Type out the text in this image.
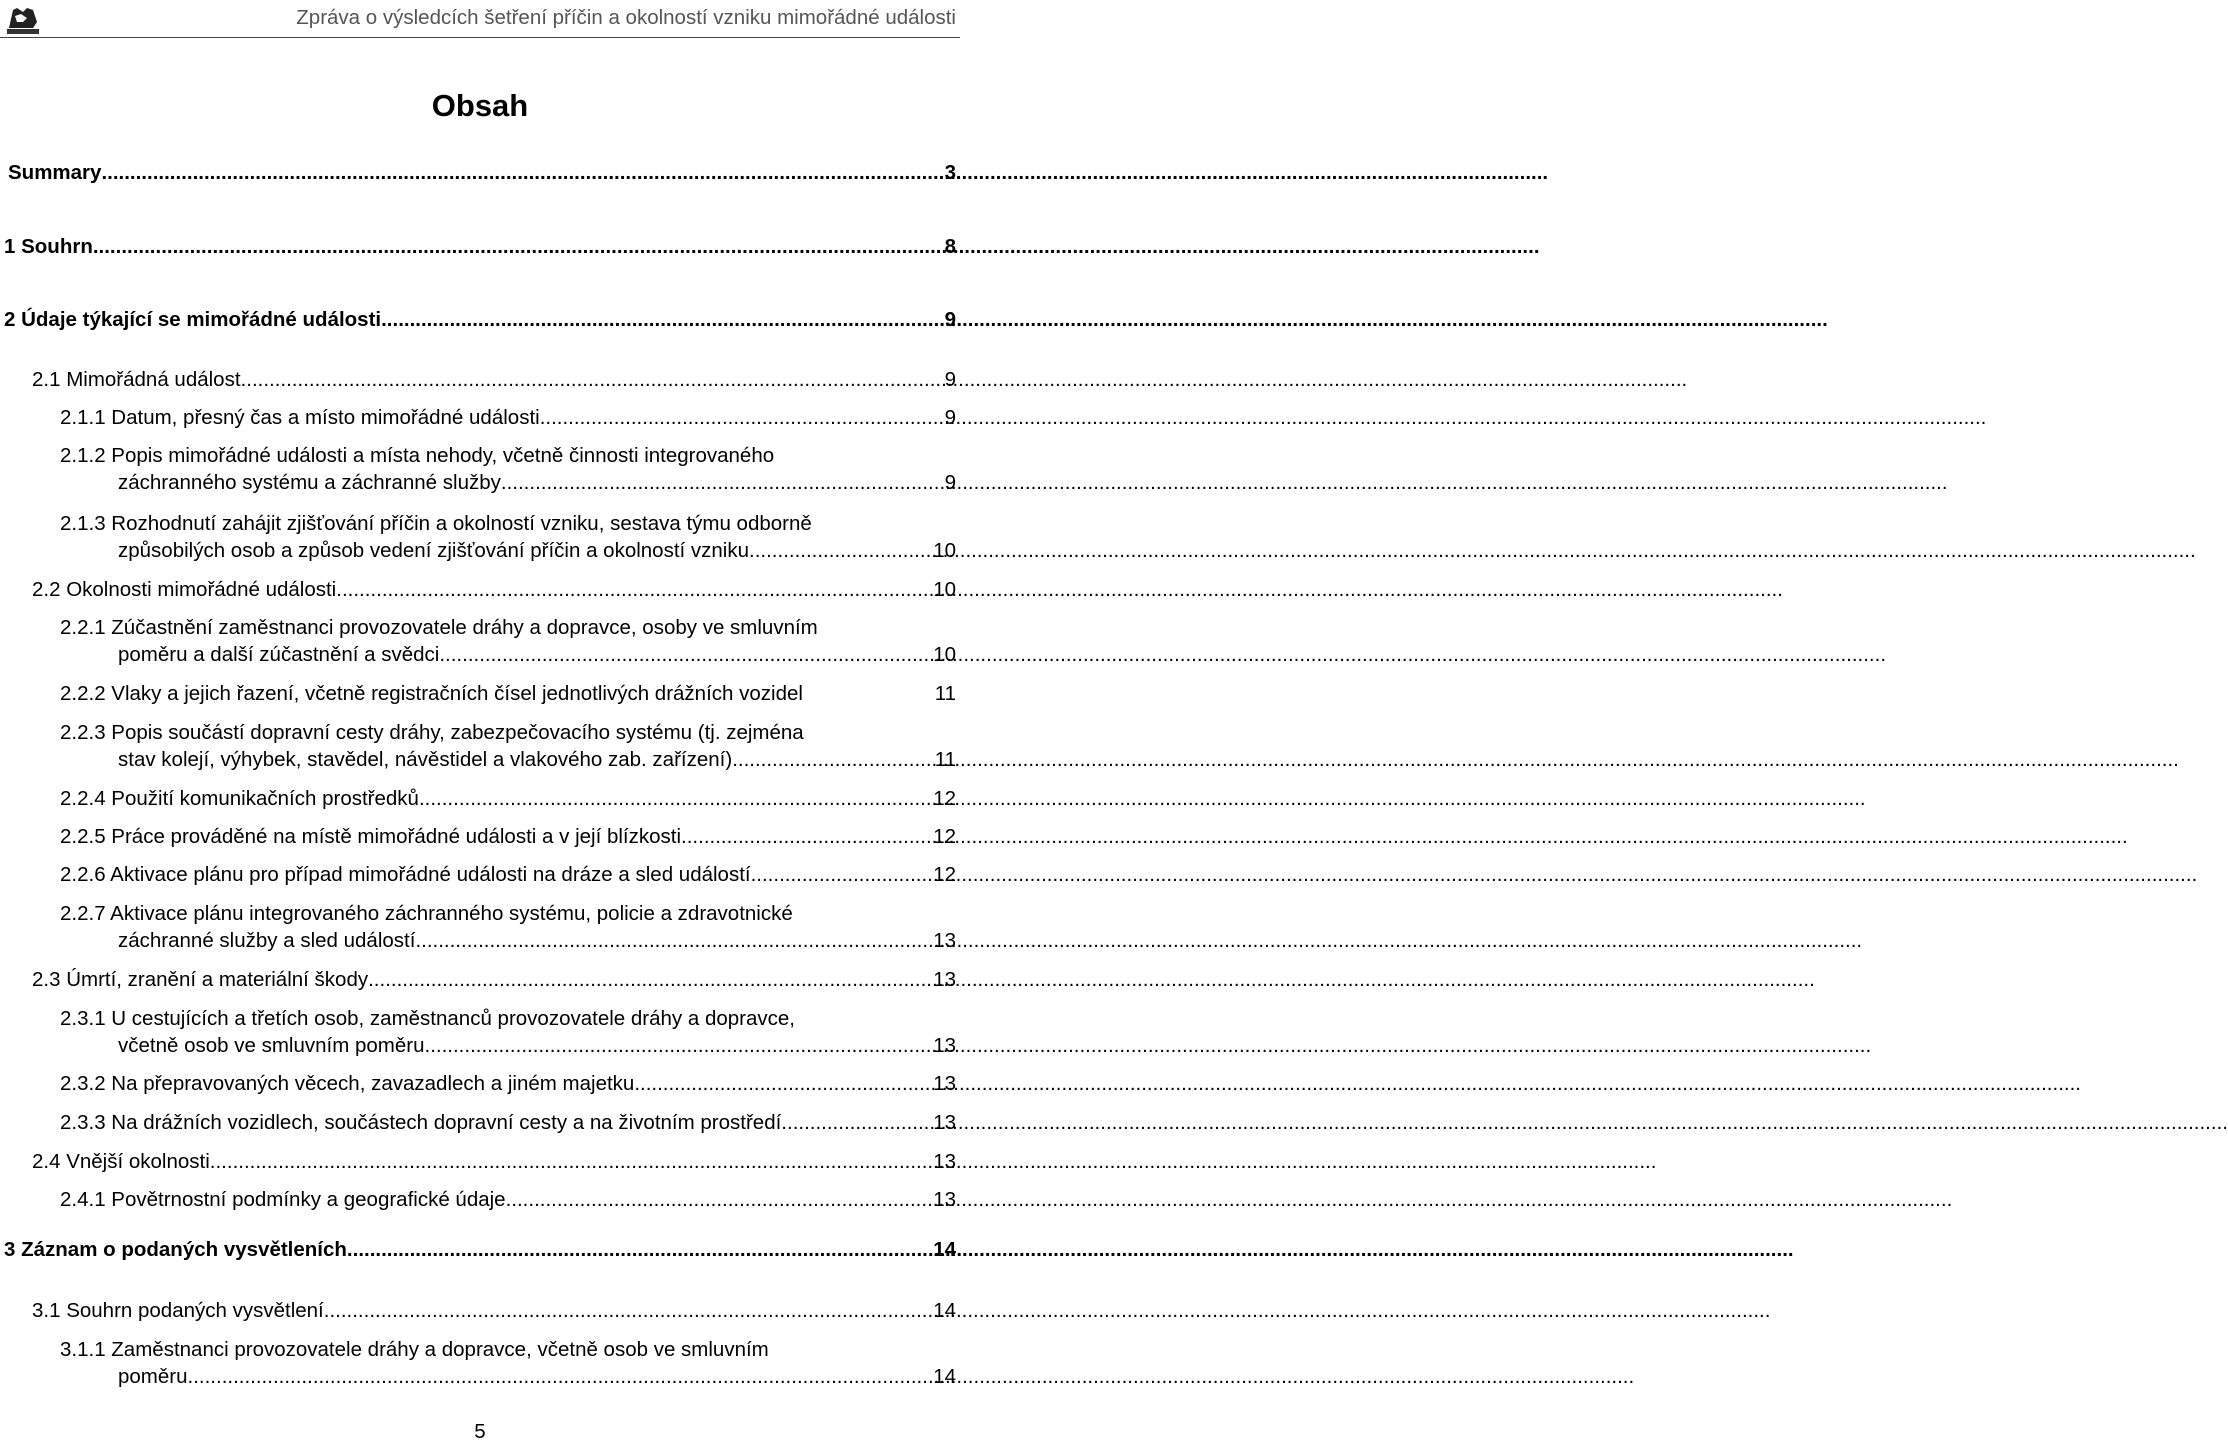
Zpráva o výsledcích šetření příčin a okolností vzniku mimořádné události
Obsah
Summary .....	3
1 Souhrn .....	8
2 Údaje týkající se mimořádné události .....	9
2.1 Mimořádná událost .....	9
2.1.1 Datum, přesný čas a místo mimořádné události .....	9
2.1.2 Popis mimořádné události a místa nehody, včetně činnosti integrovaného
záchranného systému a záchranné služby .....	9
2.1.3 Rozhodnutí zahájit zjišťování příčin a okolností vzniku, sestava týmu odborně
způsobilých osob a způsob vedení zjišťování příčin a okolností vzniku .....	10
2.2 Okolnosti mimořádné události .....	10
2.2.1 Zúčastnění zaměstnanci provozovatele dráhy a dopravce, osoby ve smluvním
poměru a další zúčastnění a svědci .....	10
2.2.2 Vlaky a jejich řazení, včetně registračních čísel jednotlivých drážních vozidel	11
2.2.3 Popis součástí dopravní cesty dráhy, zabezpečovacího systému (tj. zejména
stav kolejí, výhybek, stavědel, návěstidel a vlakového zab. zařízení) .....	11
2.2.4 Použití komunikačních prostředků .....	12
2.2.5 Práce prováděné na místě mimořádné události a v její blízkosti .....	12
2.2.6 Aktivace plánu pro případ mimořádné události na dráze a sled událostí .....	12
2.2.7 Aktivace plánu integrovaného záchranného systému, policie a zdravotnické
záchranné služby a sled událostí .....	13
2.3 Úmrtí, zranění a materiální škody .....	13
2.3.1 U cestujících a třetích osob, zaměstnanců provozovatele dráhy a dopravce,
včetně osob ve smluvním poměru .....	13
2.3.2 Na přepravovaných věcech, zavazadlech a jiném majetku .....	13
2.3.3 Na drážních vozidlech, součástech dopravní cesty a na životním prostředí .....	13
2.4 Vnější okolnosti .....	13
2.4.1 Povětrnostní podmínky a geografické údaje .....	13
3 Záznam o podaných vysvětleních .....	14
3.1 Souhrn podaných vysvětlení .....	14
3.1.1 Zaměstnanci provozovatele dráhy a dopravce, včetně osob ve smluvním
poměru .....	14
5
